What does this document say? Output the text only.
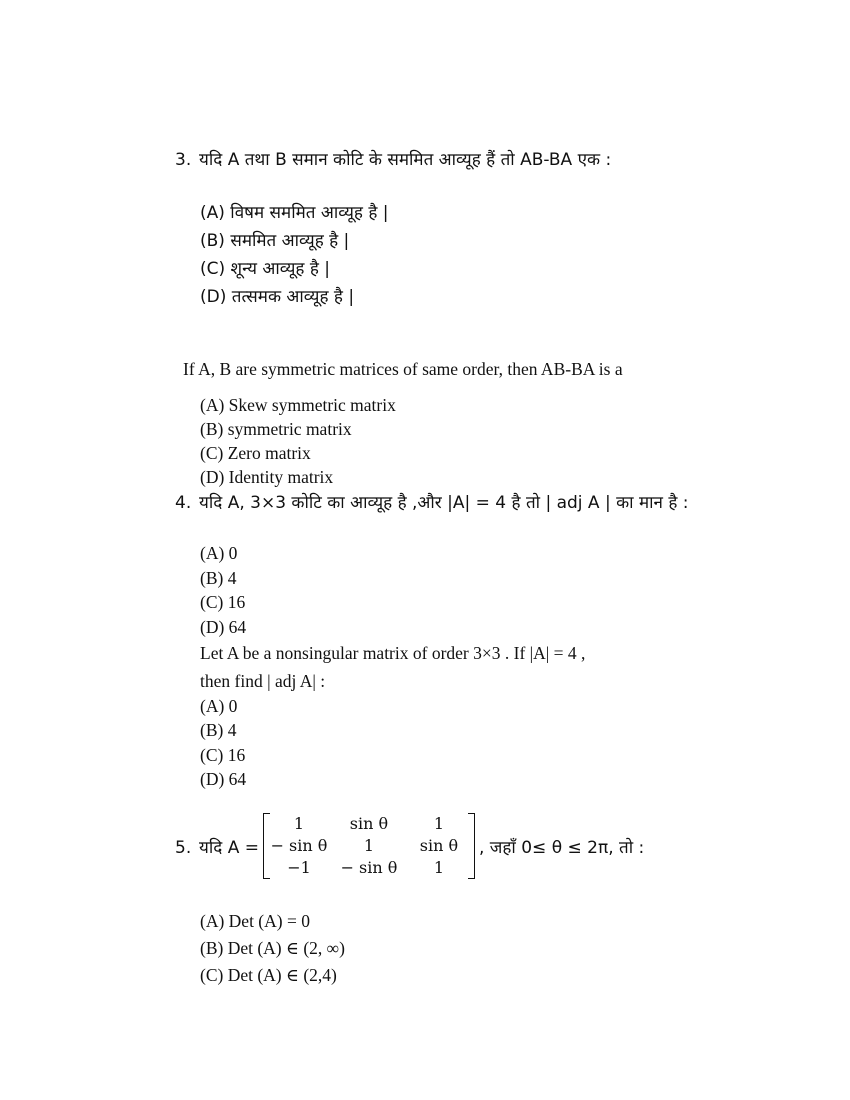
3. यदि A तथा B समान कोटि के सममित आव्यूह हैं तो AB-BA एक :
(A) विषम सममित आव्यूह है |
(B) सममित आव्यूह है |
(C) शून्य आव्यूह है |
(D) तत्समक आव्यूह है |
If A, B are symmetric matrices of same order, then AB-BA is a
(A) Skew symmetric matrix
(B) symmetric matrix
(C) Zero matrix
(D) Identity matrix
4. यदि A, 3×3 कोटि का आव्यूह है ,और |A| = 4 है तो | adj A | का मान है :
(A) 0
(B) 4
(C) 16
(D) 64
Let A be a nonsingular matrix of order 3×3 . If |A| = 4 ,
then find | adj A| :
(A) 0
(B) 4
(C) 16
(D) 64
5. यदि A =
1	sin θ	1
− sin θ	1	sin θ
−1	− sin θ	1
, जहाँ 0≤ θ ≤ 2π, तो :
(A) Det (A) = 0
(B) Det (A) ∈ (2, ∞)
(C) Det (A) ∈ (2,4)
